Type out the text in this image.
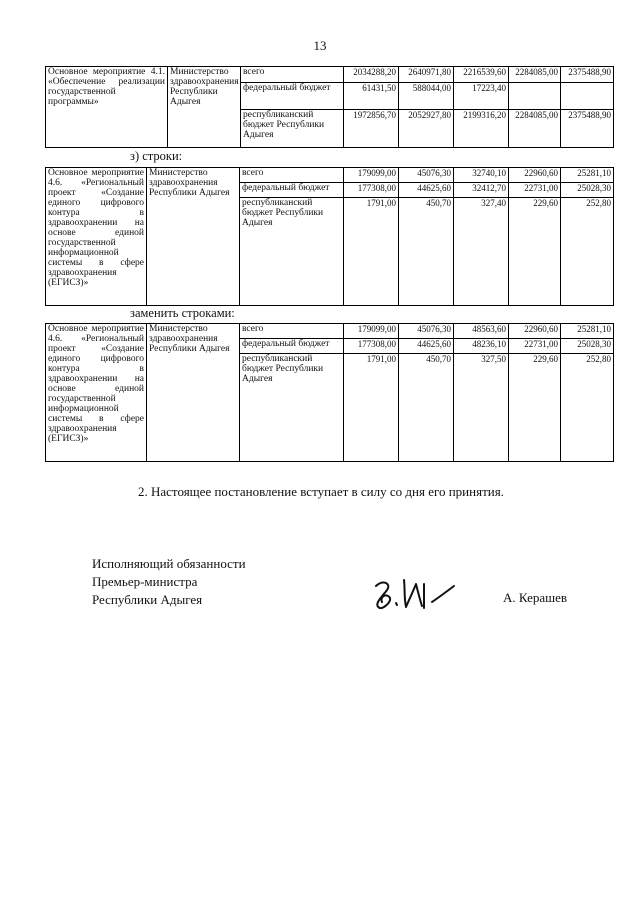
13
Основное мероприятие 4.1. «Обеспечение реализации государственной программы»	Министерство здравоохранения Республики Адыгея	всего	2034288,20	2640971,80	2216539,60	2284085,00	2375488,90
		федеральный бюджет	61431,50	588044,00	17223,40		
		республиканский бюджет Республики Адыгея	1972856,70	2052927,80	2199316,20	2284085,00	2375488,90
з) строки:
Основное мероприятие 4.6. «Региональный проект «Создание единого цифрового контура в здравоохранении на основе единой государственной информационной системы в сфере здравоохранения (ЕГИСЗ)»	Министерство здравоохранения Республики Адыгея	всего	179099,00	45076,30	32740,10	22960,60	25281,10
		федеральный бюджет	177308,00	44625,60	32412,70	22731,00	25028,30
		республиканский бюджет Республики Адыгея	1791,00	450,70	327,40	229,60	252,80
заменить строками:
Основное мероприятие 4.6. «Региональный проект «Создание единого цифрового контура в здравоохранении на основе единой государственной информационной системы в сфере здравоохранения (ЕГИСЗ)»	Министерство здравоохранения Республики Адыгея	всего	179099,00	45076,30	48563,60	22960,60	25281,10
		федеральный бюджет	177308,00	44625,60	48236,10	22731,00	25028,30
		республиканский бюджет Республики Адыгея	1791,00	450,70	327,50	229,60	252,80
2. Настоящее постановление вступает в силу со дня его принятия.
Исполняющий обязанности
Премьер-министра
Республики Адыгея	А. Керашев
